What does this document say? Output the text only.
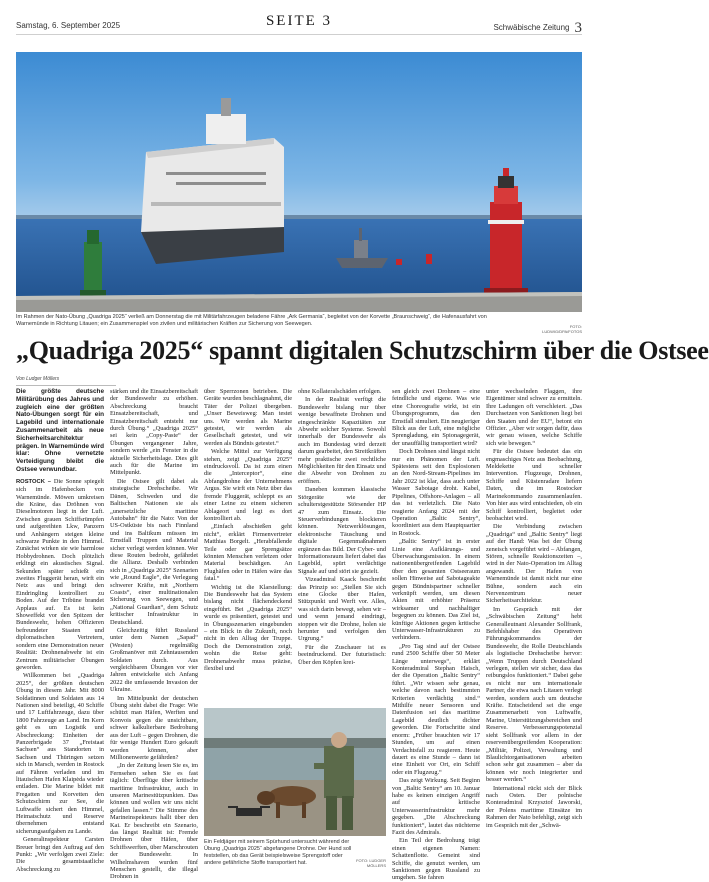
Samstag, 6. September 2025	SEITE 3	Schwäbische Zeitung 3
Im Rahmen der Nato-Übung „Quadriga 2025“ verließ am Donnerstag die mit Militärfahrzeugen beladene Fähre „Ark Germania“, begleitet von der Korvette „Braunschweig“, die Hafenausfahrt von Warnemünde in Richtung Litauen; ein Zusammenspiel von zivilen und militärischen Kräften zur Sicherung von Seewegen.	FOTO: LUDWIG/DPA/FOTOS
„Quadriga 2025“ spannt digitalen Schutzschirm über die Ostsee
Von Ludger Möllers

Die größte deutsche Militärübung des Jahres und zugleich eine der größten Nato-Übungen sorgt für ein Lagebild und internationale Zusammenarbeit als neue Sicherheitsarchitektur prägen. In Warnemünde wird klar: Ohne vernetzte Verteidigung bleibt die Ostsee verwundbar.

ROSTOCK – Die Sonne spiegelt sich im Hafenbecken von Warnemünde. Möwen umkreisen die Kräne, das Dröhnen von Dieselmotoren liegt in der Luft. Zwischen grauen Schiffsrümpfen und aufgereihten Lkw, Panzern und Anhängern steigen kleine schwarze Punkte in den Himmel. Zunächst wirken sie wie harmlose Hobbydrohnen. Doch plötzlich erklingt ein akustisches Signal. Sekunden später schießt ein zweites Fluggerät heran, wirft ein Netz aus und bringt den Eindringling kontrolliert zu Boden. Auf der Tribüne brandet Applaus auf. Es ist kein Showeffekt vor den Spitzen der Bundeswehr, hohen Offizieren befreundeter Staaten und diplomatischen Vertretern, sondern eine Demonstration neuer Realität: Drohnenabwehr ist ein Zentrum militärischer Übungen geworden.

Willkommen bei „Quadriga 2025“, der größten deutschen Übung in diesem Jahr. Mit 8000 Soldatinnen und Soldaten aus 14 Nationen sind beteiligt, 40 Schiffe und 17 Luftfahrzeuge, dazu über 1800 Fahrzeuge an Land. Im Kern geht es um Logistik und Abschreckung: Einheiten der Panzerbrigade 37 „Freistaat Sachsen“ aus Standorten in Sachsen und Thüringen setzen sich in Marsch, werden in Rostock auf Fähren verladen und im litauischen Hafen Klaipėda wieder entladen. Die Marine bildet mit Fregatten und Korvetten den Schutzschirm zur See, die Luftwaffe sichert den Himmel, Heimatschutz und Reserve übernehmen entstand sicherungsaufgaben zu Lande.

Generalinspekteur Carsten Breuer bringt den Auftrag auf den Punkt: „Wir verfolgen zwei Ziele: Die gesamtstaatliche Abschreckung zu

stärken und die Einsatzbereitschaft der Bundeswehr zu erhöhen. Abschreckung braucht Einsatzbereitschaft, und Einsatzbereitschaft entsteht nur durch Übung.“ „Quadriga 2025“ sei kein „Copy-Paste“ der Übungen vergangener Jahre, sondern werde „ein Fenster in die aktuelle Sicherheitslage. Dies gilt auch für die Marine im Mittelpunkt.

Die Ostsee gilt dabei als strategische Drehscheibe. Wir Dänen, Schweden und die Baltischen Nationen sie als „unersetzliche maritime Autobahn“ für die Nato: Von der US-Ostküste bis nach Finnland und ins Baltikum müssen im Ernstfall Truppen und Material sicher verlegt werden können. Wer diese Routen bedroht, gefährdet die Allianz. Deshalb verbinden sich in „Quadriga 2025“ Szenarien wie „Round Eagle“, die Verlegung schwerer Kräfte, mit „Northern Coasts“, einer multinationalen Sicherung von Seewegen, und „National Guardian“, dem Schutz kritischer Infrastruktur in Deutschland.

Gleichzeitig führt Russland unter dem Namen „Sapad“ (Westen) regelmäßig Großmanöver mit Zehntausenden Soldaten durch. Aus vergleichbaren Übungen vor vier Jahren entwickelte sich Anfang 2022 die umfassende Invasion der Ukraine.

Im Mittelpunkt der deutschen Übung steht dabei die Frage: Wie schützt man Häfen, Werften und Konvois gegen die unsichtbare, schwer kalkulierbare Bedrohung aus der Luft – gegen Drohnen, die für wenige Hundert Euro gekauft werden können, aber Millionenwerte gefährden?

„In der Zeitung lesen Sie es, im Fernsehen sehen Sie es fast täglich: Überflüge über kritische maritime Infrastruktur, auch in unseren Marinestützpunkten. Das können und wollen wir uns nicht gefallen lassen.“ Die Stimme des Marineinspekteurs hallt über den Kai. Er beschreibt ein Szenario, das längst Realität ist: Fremde Drohnen über Häfen, über Schiffswerften, über Marschrouten der Bundeswehr. In Wilhelmshaven wurden fünf Menschen gestellt, die illegal Drohnen in

über Sperrzonen betrieben. Die Geräte wurden beschlagnahmt, die Täter der Polizei übergeben. „Unser Beweisweg: Man testet uns. Wir werden als Marine getestet, wir werden als Gesellschaft getestet, und wir werden als Bündnis getestet.“

Welche Mittel zur Verfügung stehen, zeigt „Quadriga 2025“ eindrucksvoll. Da ist zum einen die „Interceptor“, eine Abfangdrohne der Unternehmens Argus. Sie wirft ein Netz über das fremde Fluggerät, schleppt es an einer Leine zu einem sicheren Ablageort und legt es dort kontrolliert ab.

„Einfach abschießen geht nicht“, erklärt Firmenvertreter Matthias Borgelt. „Herabfallende Teile oder gar Sprengsätze könnten Menschen verletzen oder Material beschädigen. An Flughäfen oder in Häfen wäre das fatal.“

Wichtig ist die Klarstellung: Die Bundeswehr hat das System bislang nicht flächendeckend eingeführt. Bei „Quadriga 2025“ wurde es präsentiert, getestet und in Übungsszenarien eingebunden – ein Blick in die Zukunft, noch nicht in den Alltag der Truppe. Doch die Demonstration zeigt, wohin die Reise geht: Drohnenabwehr muss präzise, flexibel und

ohne Kollateralschäden erfolgen.

In der Realität verfügt die Bundeswehr bislang nur über wenige bewaffnete Drohnen und eingeschränkte Kapazitäten zur Abwehr solcher Systeme. Sowohl innerhalb der Bundeswehr als auch im Bundestag wird derzeit darum gearbeitet, den Streitkräften mehr praktische zwei rechtliche Möglichkeiten für den Einsatz und die Abwehr von Drohnen zu eröffnen.

Daneben kommen klassische Störgeräte wie der schulterstgestützte Störsender HP 47 zum Einsatz. Die Steuerverbindungen blockieren können. Netzwerklösungen, elektronische Täuschung und digitale Gegenmaßnahmen ergänzen das Bild. Der Cyber- und Informationsraum liefert dabei das Lagebild, spürt verdächtige Signale auf und stört sie gezielt.

Vizeadmiral Kaack beschreibt das Prinzip so: „Stellen Sie sich eine Glocke über Hafen, Stützpunkt und Werft vor. Alles, was sich darin bewegt, sehen wir – und wenn jemand eindringt, stoppen wir die Drohne, holen sie herunter und verfolgen den Urgrung.“

Für die Zuschauer ist es beeindruckend. Der futuristisch: Über den Köpfen krei-

sen gleich zwei Drohnen – eine feindliche und eigene. Was wie eine Choreografie wirkt, ist ein Übungsprogramm, das den Ernstfall simuliert. Ein neugieriger Blick aus der Luft, eine mögliche Sprengladung, ein Spionagegerät, der unauffällig transportiert wird?

Doch Drohnen sind längst nicht nur ein Phänomen der Luft. Spätestens seit den Explosionen an den Nord-Stream-Pipelines im Jahr 2022 ist klar, dass auch unter Wasser Sabotage droht. Kabel, Pipelines, Offshore-Anlagen – all das ist verletzlich. Die Nato reagierte Anfang 2024 mit der Operation „Baltic Sentry“, koordiniert aus dem Hauptquartier in Rostock.

„Baltic Sentry“ ist in erster Linie eine Aufklärungs- und Überwachungsmission. In einem nationenübergreifenden Lagebild über den gesamten Ostseeraum sollen Hinweise auf Sabotageakte gegen Bündnispartner schneller verknüpft werden, um diesen Akten mit erhöhter Präsenz wirksamer und nachhaltiger begegnen zu können. Das Ziel ist, künftige Aktionen gegen kritische Unterwasser-Infrastrukturen zu verhindern.

„Pro Tag sind auf der Ostsee rund 2500 Schiffe über 50 Meter Länge unterwegs“, erklärt Konteradmiral Stephan Haisch, der die Operation „Baltic Sentry“ führt. „Wir wissen sehr genau, welche davon nach bestimmten Kriterien verdächtig sind.“ Mithilfe neuer Sensoren und Datenfusion sei das maritime Lagebild deutlich dichter geworden. Die Fortschritte sind enorm: „Früher brauchten wir 17 Stunden, um auf einen Verdachtsfall zu reagieren. Heute dauert es eine Stunde – dann ist eine Einheit vor Ort, ein Schiff oder ein Flugzeug.“

Das zeigt Wirkung. Seit Beginn von „Baltic Sentry“ am 10. Januar habe es keinen einzigen Angriff auf kritische Unterwasserinfrastruktur mehr gegeben. „Die Abschreckung funktioniert“, lautet das nüchterne Fazit des Admirals.

Ein Teil der Bedrohung trägt einen eigenen Namen: Schattenflotte. Gemeint sind Schiffe, die genutzt werden, um Sanktionen gegen Russland zu umgehen. Sie fahren

unter wechselnden Flaggen, ihre Eigentümer sind schwer zu ermitteln. Ihre Ladungen oft verschleiert. „Das Durchsetzen von Sanktionen liegt bei den Staaten und der EU“, betont ein Offizier. „Aber wir sorgen dafür, dass wir genau wissen, welche Schiffe sich wie bewegen.“

Für die Ostsee bedeutet das ein engmaschiges Netz aus Beobachtung, Meldekette und schneller Intervention. Flugzeuge, Drohnen, Schiffe und Küstenradare liefern Daten, die im Rostocker Marinekommando zusammenlaufen. Von hier aus wird entschieden, ob ein Schiff kontrolliert, begleitet oder beobachtet wird.

Die Verbindung zwischen „Quadriga“ und „Baltic Sentry“ liegt auf der Hand: Was bei der Übung zeneisch vorgeführt wird – Abfangen, Stören, schnelle Reaktionszeiten –, wird in der Nato-Operation im Alltag angewandt. Der Hafen von Warnemünde ist damit nicht nur eine Bühne, sondern auch ein Nervenzentrum neuer Sicherheitsarchitektur.

Im Gespräch mit der „Schwäbischen Zeitung“ hebt Generalleutnant Alexander Sollfrank, Befehlshaber des Operativen Führungskommandos der Bundeswehr, die Rolle Deutschlands als logistische Drehscheibe hervor: „Wenn Truppen durch Deutschland verlegen, stellen wir sicher, dass das reibungslos funktioniert.“ Dabei gehe es nicht nur um internationale Partner, die etwa nach Litauen verlegt werden, sondern auch um deutsche Kräfte. Entscheidend sei die enge Zusammenarbeit von Luftwaffe, Marine, Unterstützungsbereichen und Reserve. Verbesserungspotenzial sieht Sollfrank vor allem in der reservenübergreifenden Kooperation: „Militär, Polizei, Verwaltung und Blaulichtorganisationen arbeiten schon sehr gut zusammen – aber da können wir noch integrierter und besser werden.“

International rückt sich der Blick nach Osten. Der polnische Konteradmiral Krzysztof Jaworski, der Polens maritime Einsätze im Rahmen der Nato befehligt, zeigt sich im Gespräch mit der „Schwä-

Ein Feldjäger mit seinem Spürhund untersucht während der Übung „Quadriga 2025“ abgefangene Drohne. Der Hund soll feststellen, ob das Gerät beispielsweise Sprengstoff oder andere gefährliche Stoffe transportiert hat.	FOTO: LUDGER MÖLLERS
